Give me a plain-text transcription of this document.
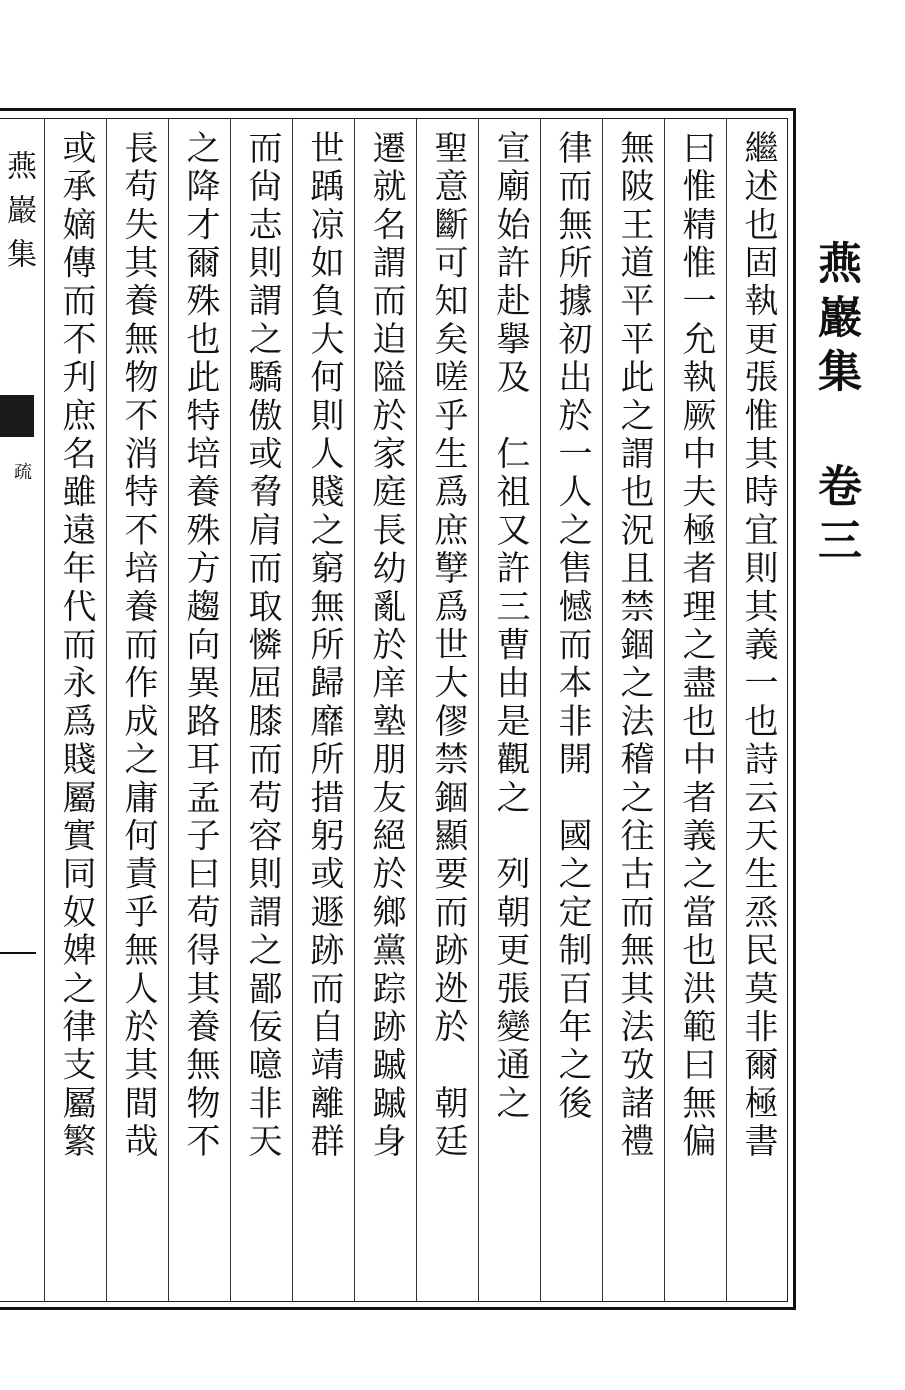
燕巖集 卷三
繼述也固執更張惟其時宜則其義一也詩云天生烝民莫非爾極書
曰惟精惟一允執厥中夫極者理之盡也中者義之當也洪範曰無偏
無陂王道平平此之謂也況且禁錮之法稽之往古而無其法攷諸禮
律而無所據初出於一人之售憾而本非開　國之定制百年之後
宣廟始許赴擧及　仁祖又許三曹由是觀之　列朝更張變通之
聖意斷可知矣嗟乎生爲庶孼爲世大僇禁錮顯要而跡迯於　朝廷
遷就名謂而迫隘於家庭長幼亂於庠塾朋友絕於鄉黨踪跡䠞䠞身
世踽凉如負大何則人賤之窮無所歸靡所措躬或遯跡而自靖離群
而尙志則謂之驕傲或脅肩而取憐屈膝而苟容則謂之鄙佞噫非天
之降才爾殊也此特培養殊方趨向異路耳孟子曰苟得其養無物不
長苟失其養無物不消特不培養而作成之庸何責乎無人於其間哉
或承嫡傳而不刋庶名雖遠年代而永爲賤屬實同奴婢之律支屬繁
燕巖集
疏
